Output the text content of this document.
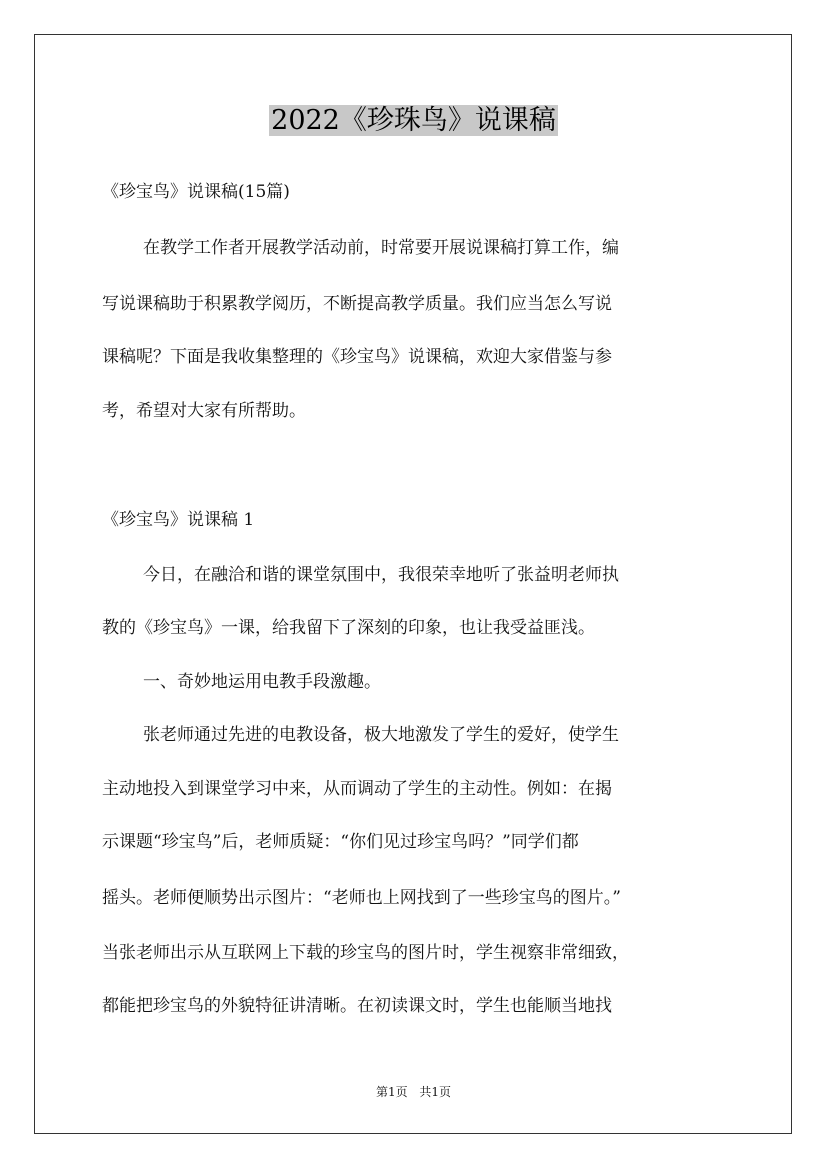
2022《珍珠鸟》说课稿
《珍宝鸟》说课稿(15篇)
在教学工作者开展教学活动前，时常要开展说课稿打算工作，编
写说课稿助于积累教学阅历，不断提高教学质量。我们应当怎么写说
课稿呢？下面是我收集整理的《珍宝鸟》说课稿，欢迎大家借鉴与参
考，希望对大家有所帮助。
《珍宝鸟》说课稿 1
今日，在融洽和谐的课堂氛围中，我很荣幸地听了张益明老师执
教的《珍宝鸟》一课，给我留下了深刻的印象，也让我受益匪浅。
一、奇妙地运用电教手段激趣。
张老师通过先进的电教设备，极大地激发了学生的爱好，使学生
主动地投入到课堂学习中来，从而调动了学生的主动性。例如：在揭
示课题“珍宝鸟”后，老师质疑：“你们见过珍宝鸟吗？”同学们都
摇头。老师便顺势出示图片：“老师也上网找到了一些珍宝鸟的图片。”
当张老师出示从互联网上下载的珍宝鸟的图片时，学生视察非常细致，
都能把珍宝鸟的外貌特征讲清晰。在初读课文时，学生也能顺当地找
第1页 共1页
